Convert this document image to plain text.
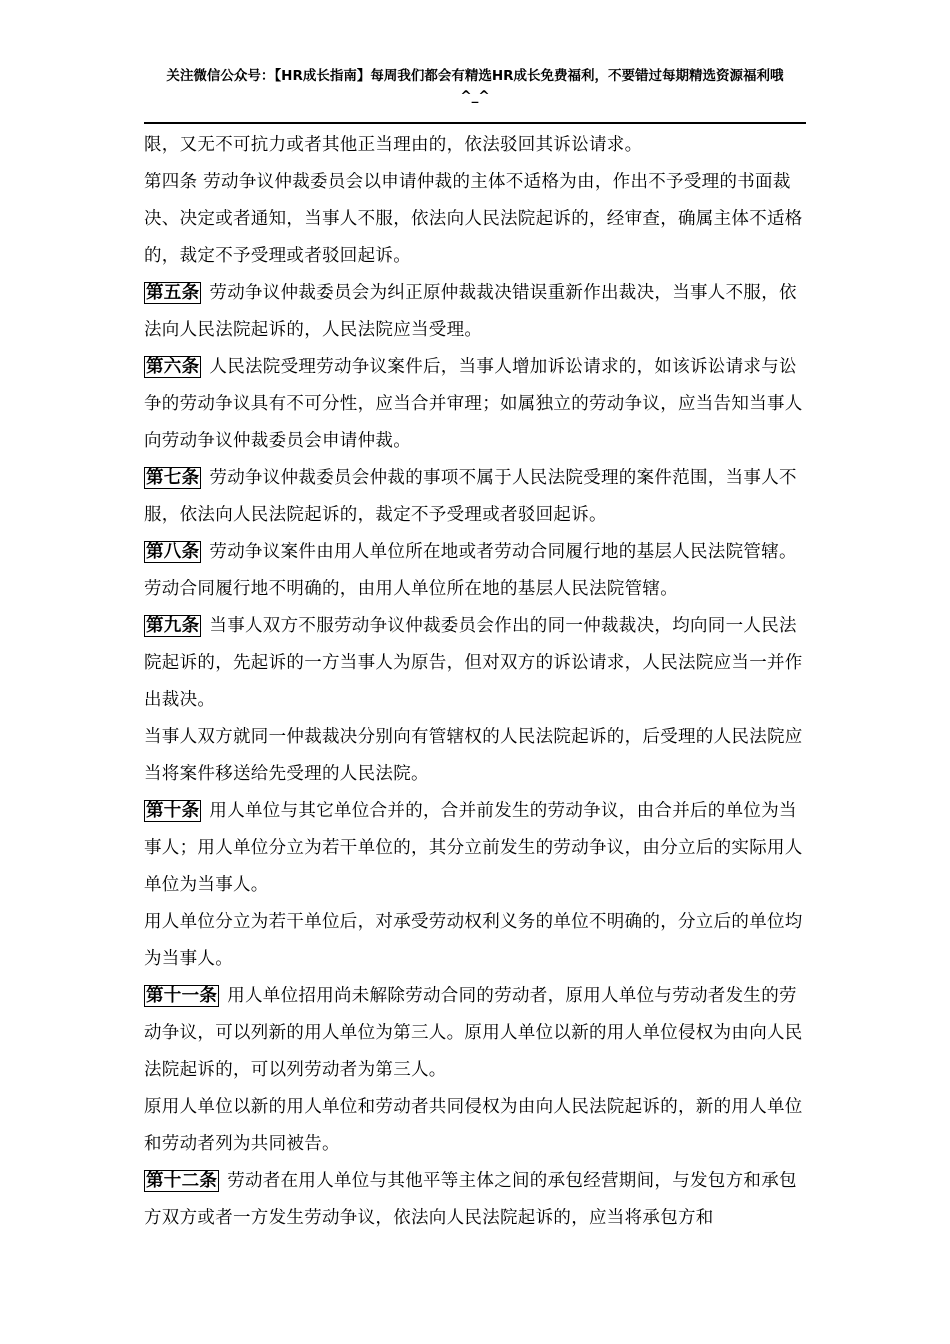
关注微信公众号：【HR成长指南】每周我们都会有精选HR成长免费福利，不要错过每期精选资源福利哦
^_^

限，又无不可抗力或者其他正当理由的，依法驳回其诉讼请求。

第四条 劳动争议仲裁委员会以申请仲裁的主体不适格为由，作出不予受理的书面裁决、决定或者通知，当事人不服，依法向人民法院起诉的，经审查，确属主体不适格的，裁定不予受理或者驳回起诉。

第五条 劳动争议仲裁委员会为纠正原仲裁裁决错误重新作出裁决，当事人不服，依法向人民法院起诉的，人民法院应当受理。

第六条 人民法院受理劳动争议案件后，当事人增加诉讼请求的，如该诉讼请求与讼争的劳动争议具有不可分性，应当合并审理；如属独立的劳动争议，应当告知当事人向劳动争议仲裁委员会申请仲裁。

第七条 劳动争议仲裁委员会仲裁的事项不属于人民法院受理的案件范围，当事人不服，依法向人民法院起诉的，裁定不予受理或者驳回起诉。

第八条 劳动争议案件由用人单位所在地或者劳动合同履行地的基层人民法院管辖。 劳动合同履行地不明确的，由用人单位所在地的基层人民法院管辖。

第九条 当事人双方不服劳动争议仲裁委员会作出的同一仲裁裁决，均向同一人民法院起诉的，先起诉的一方当事人为原告，但对双方的诉讼请求，人民法院应当一并作出裁决。

当事人双方就同一仲裁裁决分别向有管辖权的人民法院起诉的，后受理的人民法院应当将案件移送给先受理的人民法院。

第十条 用人单位与其它单位合并的，合并前发生的劳动争议，由合并后的单位为当事人；用人单位分立为若干单位的，其分立前发生的劳动争议，由分立后的实际用人单位为当事人。

用人单位分立为若干单位后，对承受劳动权利义务的单位不明确的，分立后的单位均为当事人。

第十一条 用人单位招用尚未解除劳动合同的劳动者，原用人单位与劳动者发生的劳动争议，可以列新的用人单位为第三人。原用人单位以新的用人单位侵权为由向人民法院起诉的，可以列劳动者为第三人。

原用人单位以新的用人单位和劳动者共同侵权为由向人民法院起诉的，新的用人单位和劳动者列为共同被告。

第十二条 劳动者在用人单位与其他平等主体之间的承包经营期间，与发包方和承包方双方或者一方发生劳动争议，依法向人民法院起诉的，应当将承包方和
